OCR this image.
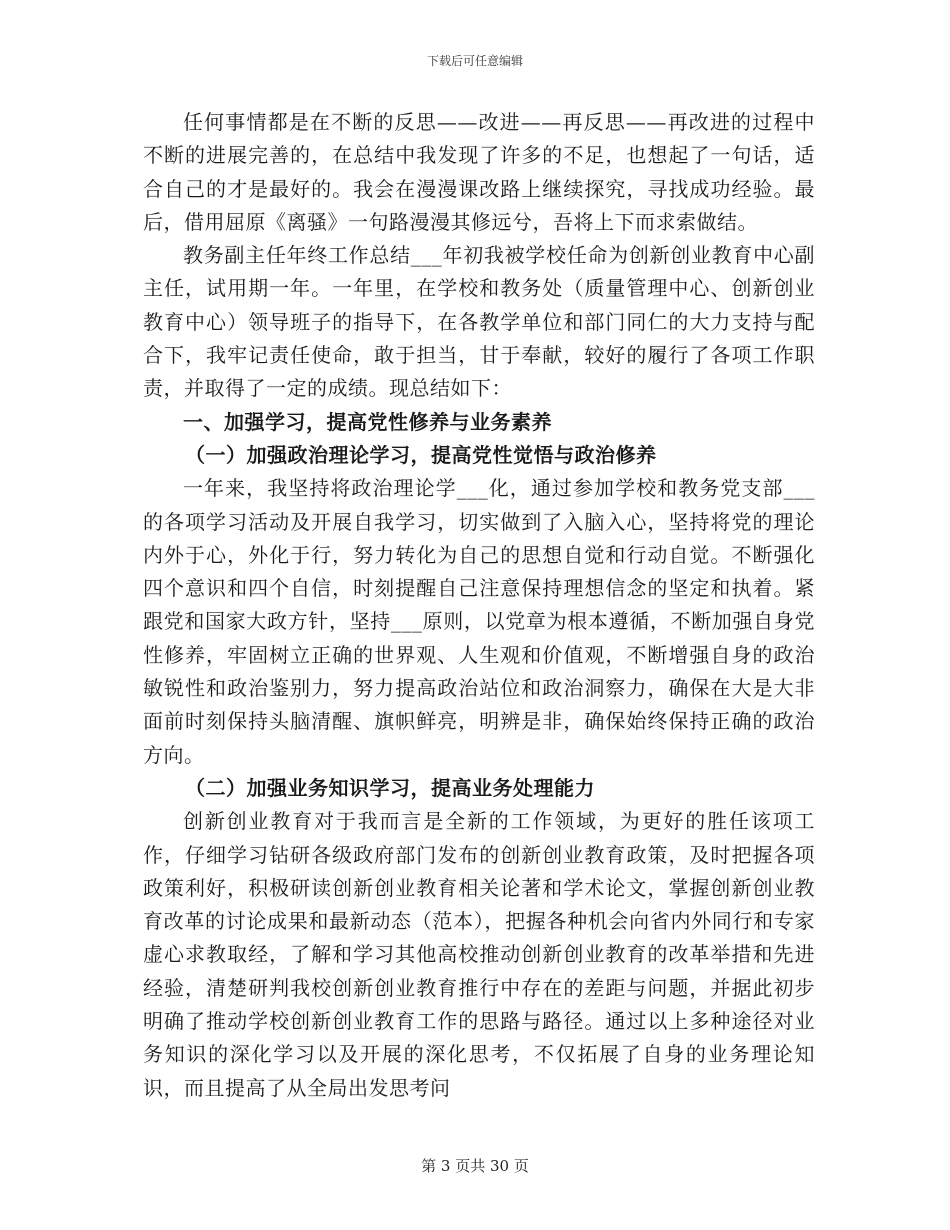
下载后可任意编辑

任何事情都是在不断的反思——改进——再反思——再改进的过程中不断的进展完善的，在总结中我发现了许多的不足，也想起了一句话，适合自己的才是最好的。我会在漫漫课改路上继续探究，寻找成功经验。最后，借用屈原《离骚》一句路漫漫其修远兮，吾将上下而求索做结。

教务副主任年终工作总结___年初我被学校任命为创新创业教育中心副主任，试用期一年。一年里，在学校和教务处（质量管理中心、创新创业教育中心）领导班子的指导下，在各教学单位和部门同仁的大力支持与配合下，我牢记责任使命，敢于担当，甘于奉献，较好的履行了各项工作职责，并取得了一定的成绩。现总结如下：

一、加强学习，提高党性修养与业务素养

（一）加强政治理论学习，提高党性觉悟与政治修养

一年来，我坚持将政治理论学___化，通过参加学校和教务党支部___的各项学习活动及开展自我学习，切实做到了入脑入心，坚持将党的理论内外于心，外化于行，努力转化为自己的思想自觉和行动自觉。不断强化四个意识和四个自信，时刻提醒自己注意保持理想信念的坚定和执着。紧跟党和国家大政方针，坚持___原则，以党章为根本遵循，不断加强自身党性修养，牢固树立正确的世界观、人生观和价值观，不断增强自身的政治敏锐性和政治鉴别力，努力提高政治站位和政治洞察力，确保在大是大非面前时刻保持头脑清醒、旗帜鲜亮，明辨是非，确保始终保持正确的政治方向。

（二）加强业务知识学习，提高业务处理能力

创新创业教育对于我而言是全新的工作领域，为更好的胜任该项工作，仔细学习钻研各级政府部门发布的创新创业教育政策，及时把握各项政策利好，积极研读创新创业教育相关论著和学术论文，掌握创新创业教育改革的讨论成果和最新动态（范本），把握各种机会向省内外同行和专家虚心求教取经，了解和学习其他高校推动创新创业教育的改革举措和先进经验，清楚研判我校创新创业教育推行中存在的差距与问题，并据此初步明确了推动学校创新创业教育工作的思路与路径。通过以上多种途径对业务知识的深化学习以及开展的深化思考，不仅拓展了自身的业务理论知识，而且提高了从全局出发思考问

第 3 页共 30 页
